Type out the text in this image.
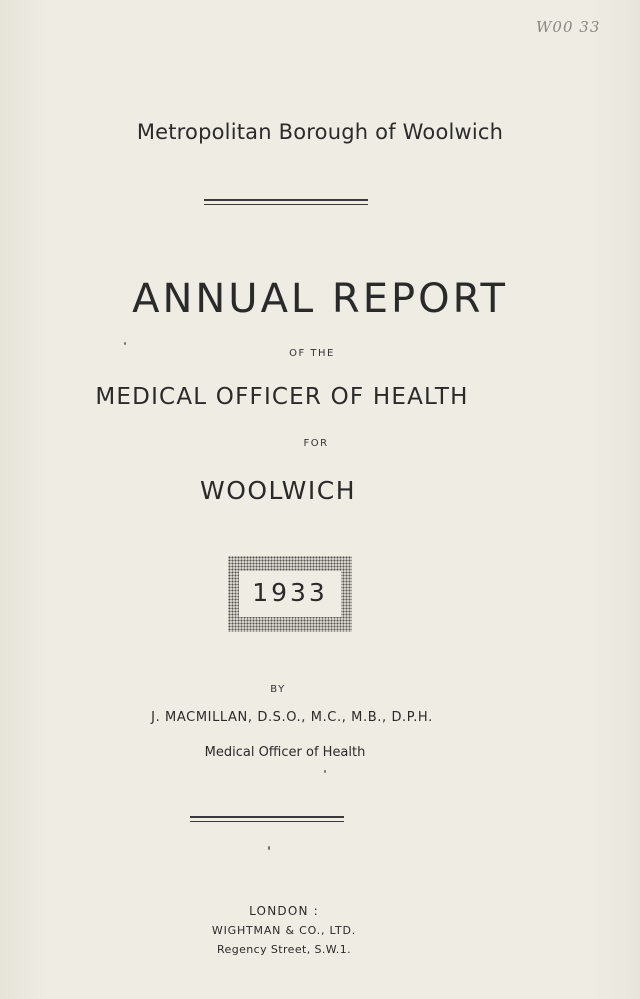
W00 33
Metropolitan Borough of Woolwich
ANNUAL REPORT
OF THE
MEDICAL OFFICER OF HEALTH
FOR
WOOLWICH
1933
BY
J. MACMILLAN, D.S.O., M.C., M.B., D.P.H.
Medical Officer of Health
LONDON :
WIGHTMAN & CO., LTD.
Regency Street, S.W.1.
